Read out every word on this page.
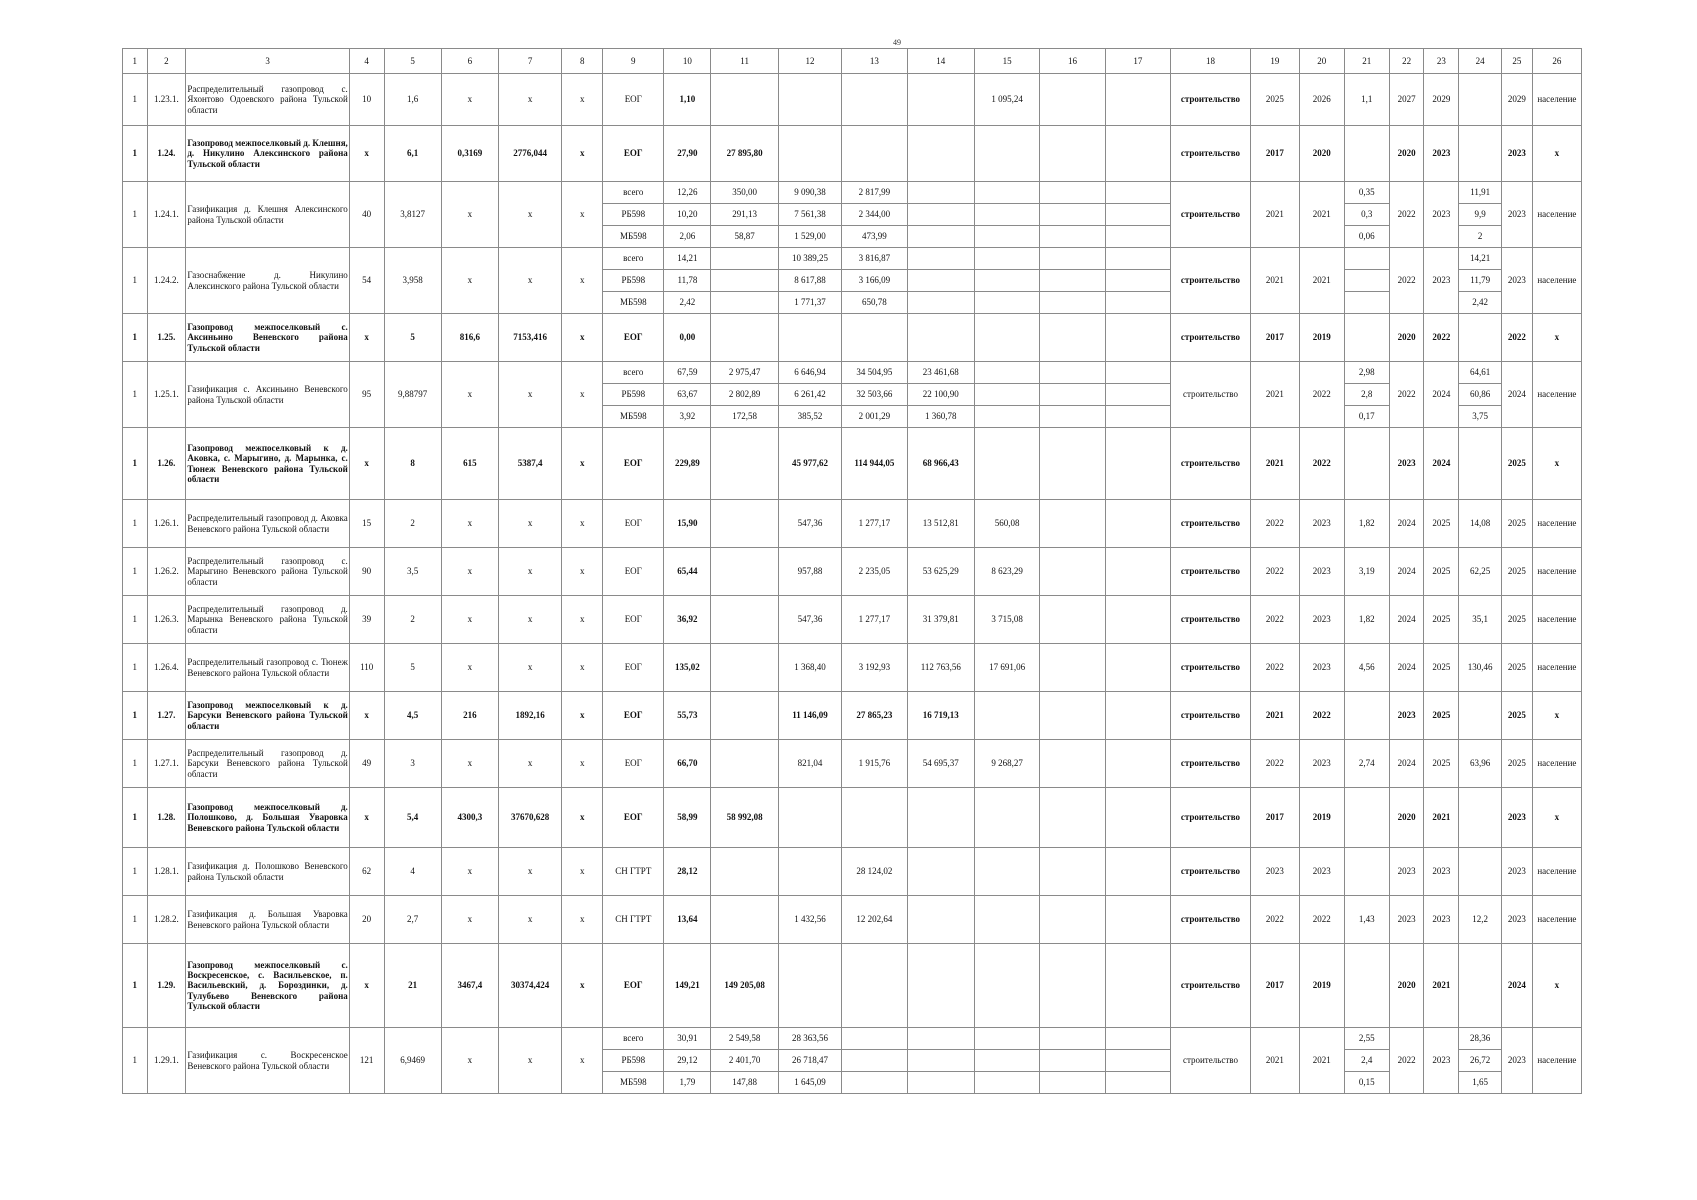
49
1	2	3	4	5	6	7	8	9	10	11	12	13	14	15	16	17	18	19	20	21	22	23	24	25	26
1	1.23.1.	Распределительный газопровод с. Яхонтово Одоевского района Тульской области	10	1,6	х	х	х	ЕОГ	1,10					1 095,24			строительство	2025	2026	1,1	2027	2029		2029	население
1	1.24.	Газопровод межпоселковый д. Клешня, д. Никулино Алексинского района Тульской области	х	6,1	0,3169	2776,044	х	ЕОГ	27,90	27 895,80							строительство	2017	2020		2020	2023		2023	х
1	1.24.1.	Газификация д. Клешня Алексинского района Тульской области	40	3,8127	х	х	х	всего	12,26	350,00	9 090,38	2 817,99					строительство	2021	2021	0,35	2022	2023	11,91	2023	население
								РБ598	10,20	291,13	7 561,38	2 344,00								0,3			9,9		
								МБ598	2,06	58,87	1 529,00	473,99								0,06			2		
1	1.24.2.	Газоснабжение д. Никулино Алексинского района Тульской области	54	3,958	х	х	х	всего	14,21		10 389,25	3 816,87					строительство	2021	2021		2022	2023	14,21	2023	население
								РБ598	11,78		8 617,88	3 166,09											11,79		
								МБ598	2,42		1 771,37	650,78											2,42		
1	1.25.	Газопровод межпоселковый с. Аксиньино Веневского района Тульской области	х	5	816,6	7153,416	х	ЕОГ	0,00								строительство	2017	2019		2020	2022		2022	х
1	1.25.1.	Газификация с. Аксиньино Веневского района Тульской области	95	9,88797	х	х	х	всего	67,59	2 975,47	6 646,94	34 504,95	23 461,68				строительство	2021	2022	2,98	2022	2024	64,61	2024	население
								РБ598	63,67	2 802,89	6 261,42	32 503,66	22 100,90							2,8			60,86		
								МБ598	3,92	172,58	385,52	2 001,29	1 360,78							0,17			3,75		
1	1.26.	Газопровод межпоселковый к д. Аковка, с. Марыгино, д. Марынка, с. Тюнеж Веневского района Тульской области	х	8	615	5387,4	х	ЕОГ	229,89		45 977,62	114 944,05	68 966,43				строительство	2021	2022		2023	2024		2025	х
1	1.26.1.	Распределительный газопровод д. Аковка Веневского района Тульской области	15	2	х	х	х	ЕОГ	15,90		547,36	1 277,17	13 512,81	560,08			строительство	2022	2023	1,82	2024	2025	14,08	2025	население
1	1.26.2.	Распределительный газопровод с. Марыгино Веневского района Тульской области	90	3,5	х	х	х	ЕОГ	65,44		957,88	2 235,05	53 625,29	8 623,29			строительство	2022	2023	3,19	2024	2025	62,25	2025	население
1	1.26.3.	Распределительный газопровод д. Марынка Веневского района Тульской области	39	2	х	х	х	ЕОГ	36,92		547,36	1 277,17	31 379,81	3 715,08			строительство	2022	2023	1,82	2024	2025	35,1	2025	население
1	1.26.4.	Распределительный газопровод с. Тюнеж Веневского района Тульской области	110	5	х	х	х	ЕОГ	135,02		1 368,40	3 192,93	112 763,56	17 691,06			строительство	2022	2023	4,56	2024	2025	130,46	2025	население
1	1.27.	Газопровод межпоселковый к д. Барсуки Веневского района Тульской области	х	4,5	216	1892,16	х	ЕОГ	55,73		11 146,09	27 865,23	16 719,13				строительство	2021	2022		2023	2025		2025	х
1	1.27.1.	Распределительный газопровод д. Барсуки Веневского района Тульской области	49	3	х	х	х	ЕОГ	66,70		821,04	1 915,76	54 695,37	9 268,27			строительство	2022	2023	2,74	2024	2025	63,96	2025	население
1	1.28.	Газопровод межпоселковый д. Полошково, д. Большая Уваровка Веневского района Тульской области	х	5,4	4300,3	37670,628	х	ЕОГ	58,99	58 992,08							строительство	2017	2019		2020	2021		2023	х
1	1.28.1.	Газификация д. Полошково Веневского района Тульской области	62	4	х	х	х	СН ГТРТ	28,12			28 124,02					строительство	2023	2023		2023	2023		2023	население
1	1.28.2.	Газификация д. Большая Уваровка Веневского района Тульской области	20	2,7	х	х	х	СН ГТРТ	13,64		1 432,56	12 202,64					строительство	2022	2022	1,43	2023	2023	12,2	2023	население
1	1.29.	Газопровод межпоселковый с. Воскресенское, с. Васильевское, п. Васильевский, д. Бороздинки, д. Тулубьево Веневского района Тульской области	х	21	3467,4	30374,424	х	ЕОГ	149,21	149 205,08							строительство	2017	2019		2020	2021		2024	х
1	1.29.1.	Газификация с. Воскресенское Веневского района Тульской области	121	6,9469	х	х	х	всего	30,91	2 549,58	28 363,56						строительство	2021	2021	2,55	2022	2023	28,36	2023	население
								РБ598	29,12	2 401,70	26 718,47									2,4			26,72		
								МБ598	1,79	147,88	1 645,09									0,15			1,65		
